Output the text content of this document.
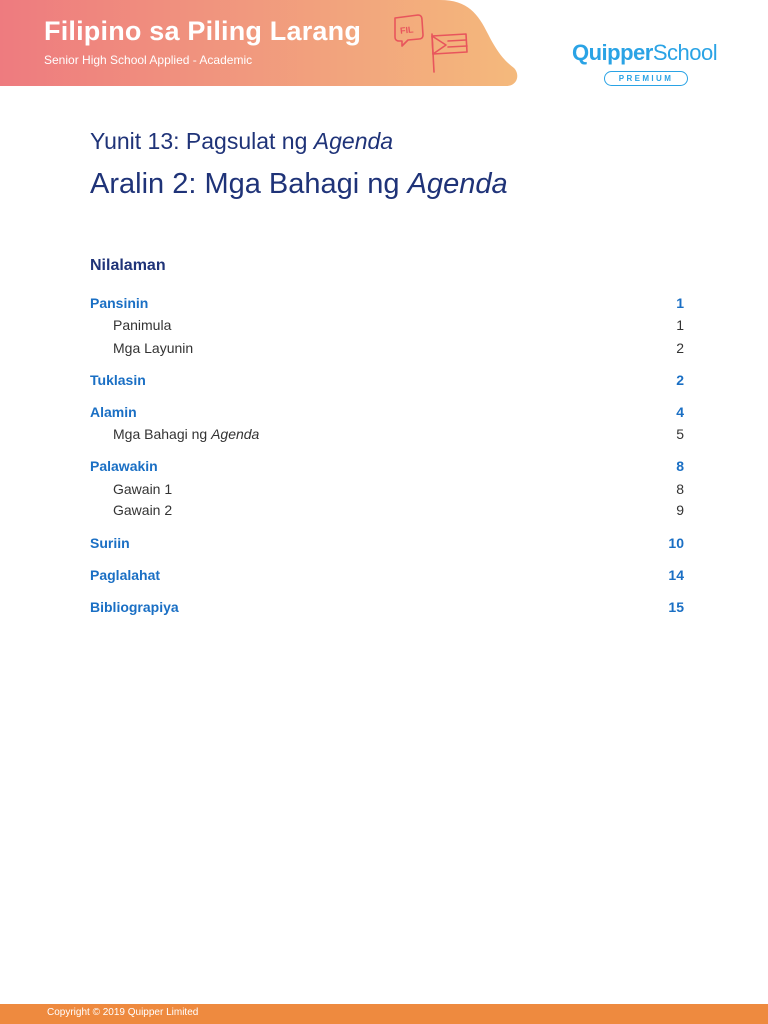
Filipino sa Piling Larang
Senior High School Applied - Academic
FIL
QuipperSchool
PREMIUM
Yunit 13: Pagsulat ng Agenda
Aralin 2: Mga Bahagi ng Agenda
Nilalaman
Pansinin	1
Panimula	1
Mga Layunin	2
Tuklasin	2
Alamin	4
Mga Bahagi ng Agenda	5
Palawakin	8
Gawain 1	8
Gawain 2	9
Suriin	10
Paglalahat	14
Bibliograpiya	15
Copyright © 2019 Quipper Limited
